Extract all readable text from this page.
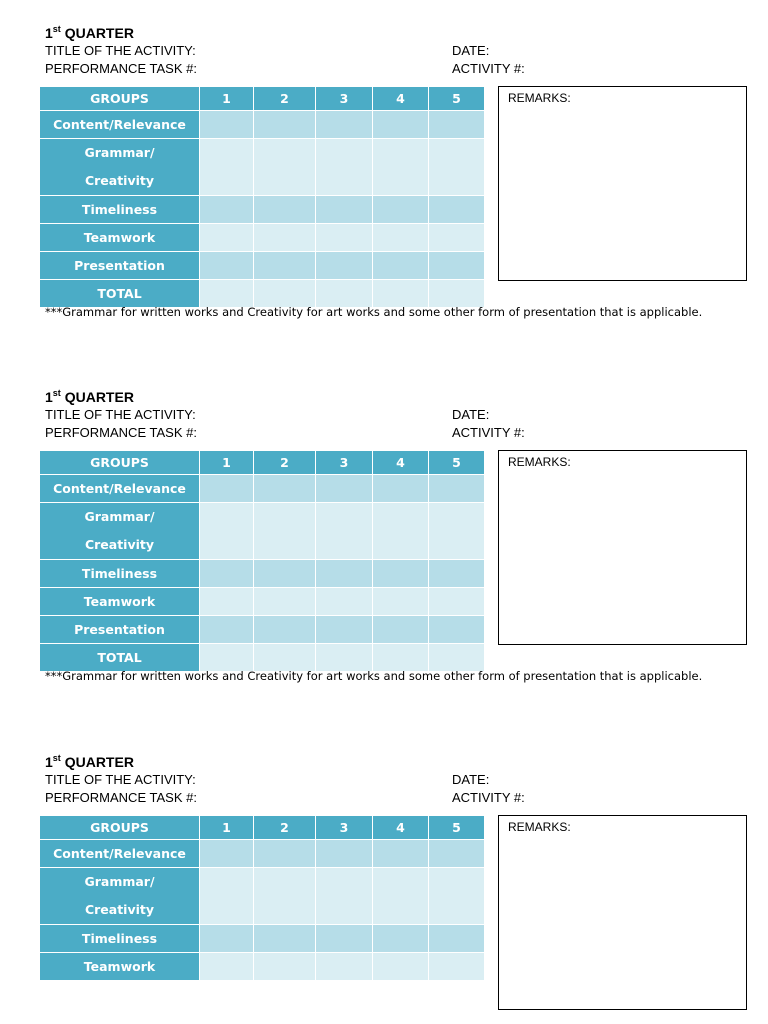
1st QUARTER
TITLE OF THE ACTIVITY:
PERFORMANCE TASK #:
DATE:
ACTIVITY #:
GROUPS	1	2	3	4	5
Content/Relevance					
Grammar/
Creativity					
Timeliness					
Teamwork					
Presentation					
TOTAL					
REMARKS:
***Grammar for written works and Creativity for art works and some other form of presentation that is applicable.
1st QUARTER
TITLE OF THE ACTIVITY:
PERFORMANCE TASK #:
DATE:
ACTIVITY #:
GROUPS	1	2	3	4	5
Content/Relevance					
Grammar/
Creativity					
Timeliness					
Teamwork					
Presentation					
TOTAL					
REMARKS:
***Grammar for written works and Creativity for art works and some other form of presentation that is applicable.
1st QUARTER
TITLE OF THE ACTIVITY:
PERFORMANCE TASK #:
DATE:
ACTIVITY #:
GROUPS	1	2	3	4	5
Content/Relevance					
Grammar/
Creativity					
Timeliness					
Teamwork					
REMARKS:
